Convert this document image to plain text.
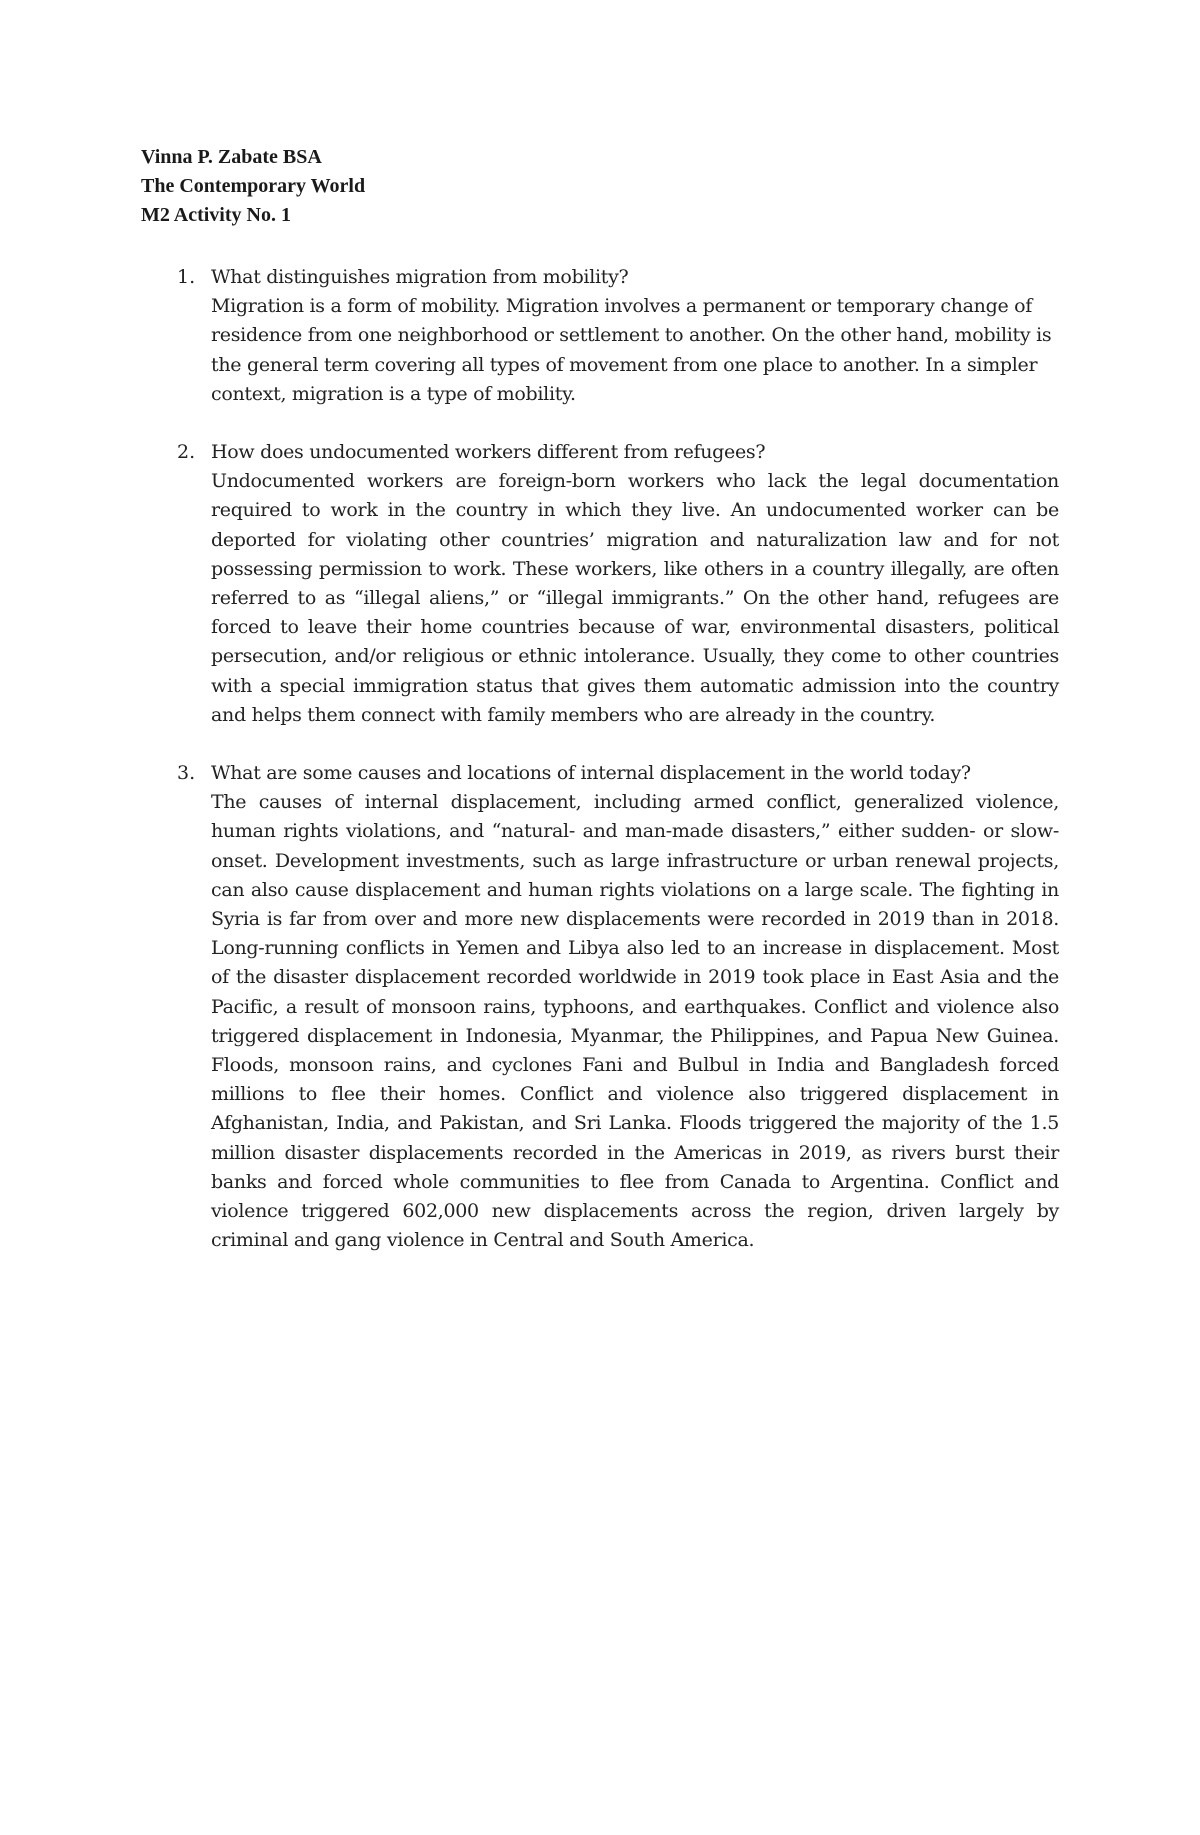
Vinna P. Zabate BSA
The Contemporary World
M2 Activity No. 1
1. What distinguishes migration from mobility?
Migration is a form of mobility. Migration involves a permanent or temporary change of residence from one neighborhood or settlement to another. On the other hand, mobility is the general term covering all types of movement from one place to another. In a simpler context, migration is a type of mobility.
2. How does undocumented workers different from refugees?
Undocumented workers are foreign-born workers who lack the legal documentation required to work in the country in which they live. An undocumented worker can be deported for violating other countries’ migration and naturalization law and for not possessing permission to work. These workers, like others in a country illegally, are often referred to as “illegal aliens,” or “illegal immigrants.” On the other hand, refugees are forced to leave their home countries because of war, environmental disasters, political persecution, and/or religious or ethnic intolerance. Usually, they come to other countries with a special immigration status that gives them automatic admission into the country and helps them connect with family members who are already in the country.
3. What are some causes and locations of internal displacement in the world today?
The causes of internal displacement, including armed conflict, generalized violence, human rights violations, and “natural- and man-made disasters,” either sudden- or slow-onset. Development investments, such as large infrastructure or urban renewal projects, can also cause displacement and human rights violations on a large scale. The fighting in Syria is far from over and more new displacements were recorded in 2019 than in 2018. Long-running conflicts in Yemen and Libya also led to an increase in displacement. Most of the disaster displacement recorded worldwide in 2019 took place in East Asia and the Pacific, a result of monsoon rains, typhoons, and earthquakes. Conflict and violence also triggered displacement in Indonesia, Myanmar, the Philippines, and Papua New Guinea. Floods, monsoon rains, and cyclones Fani and Bulbul in India and Bangladesh forced millions to flee their homes. Conflict and violence also triggered displacement in Afghanistan, India, and Pakistan, and Sri Lanka. Floods triggered the majority of the 1.5 million disaster displacements recorded in the Americas in 2019, as rivers burst their banks and forced whole communities to flee from Canada to Argentina. Conflict and violence triggered 602,000 new displacements across the region, driven largely by criminal and gang violence in Central and South America.
